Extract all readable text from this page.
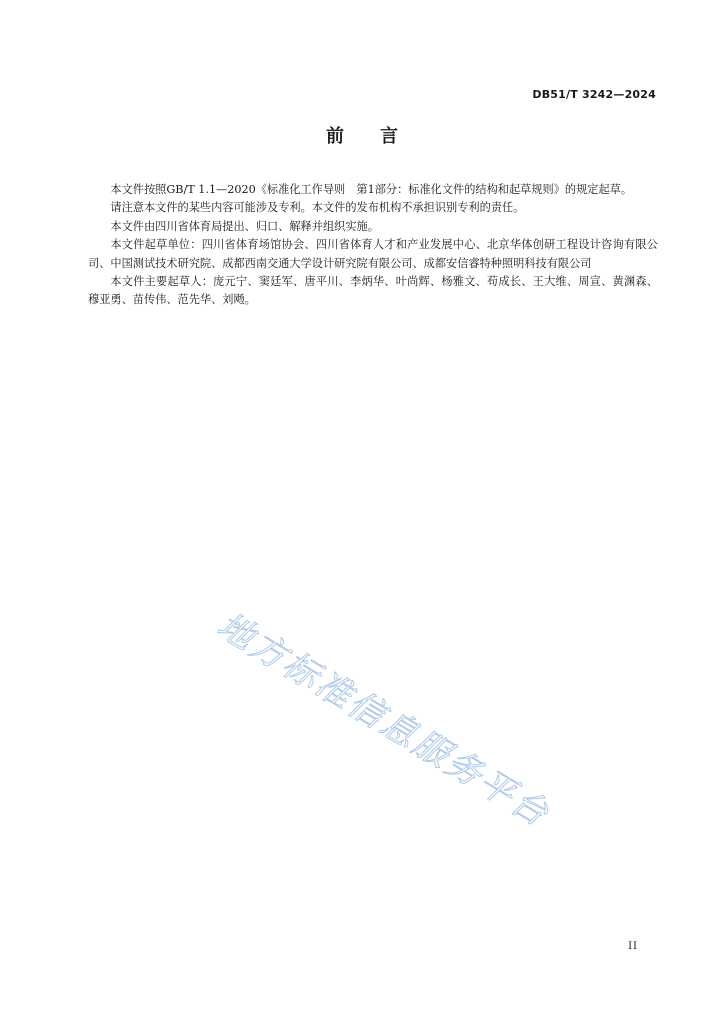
DB51/T 3242—2024
前 言

本文件按照GB/T 1.1—2020《标准化工作导则　第1部分：标准化文件的结构和起草规则》的规定起草。

请注意本文件的某些内容可能涉及专利。本文件的发布机构不承担识别专利的责任。

本文件由四川省体育局提出、归口、解释并组织实施。

本文件起草单位：四川省体育场馆协会、四川省体育人才和产业发展中心、北京华体创研工程设计咨询有限公司、中国测试技术研究院、成都西南交通大学设计研究院有限公司、成都安信睿特种照明科技有限公司

本文件主要起草人：庞元宁、窦廷军、唐平川、李炳华、叶尚辉、杨雅文、苟成长、王大维、周宣、黄渊森、穆亚勇、苗传伟、范先华、刘飏。

地方标准信息服务平台
II
